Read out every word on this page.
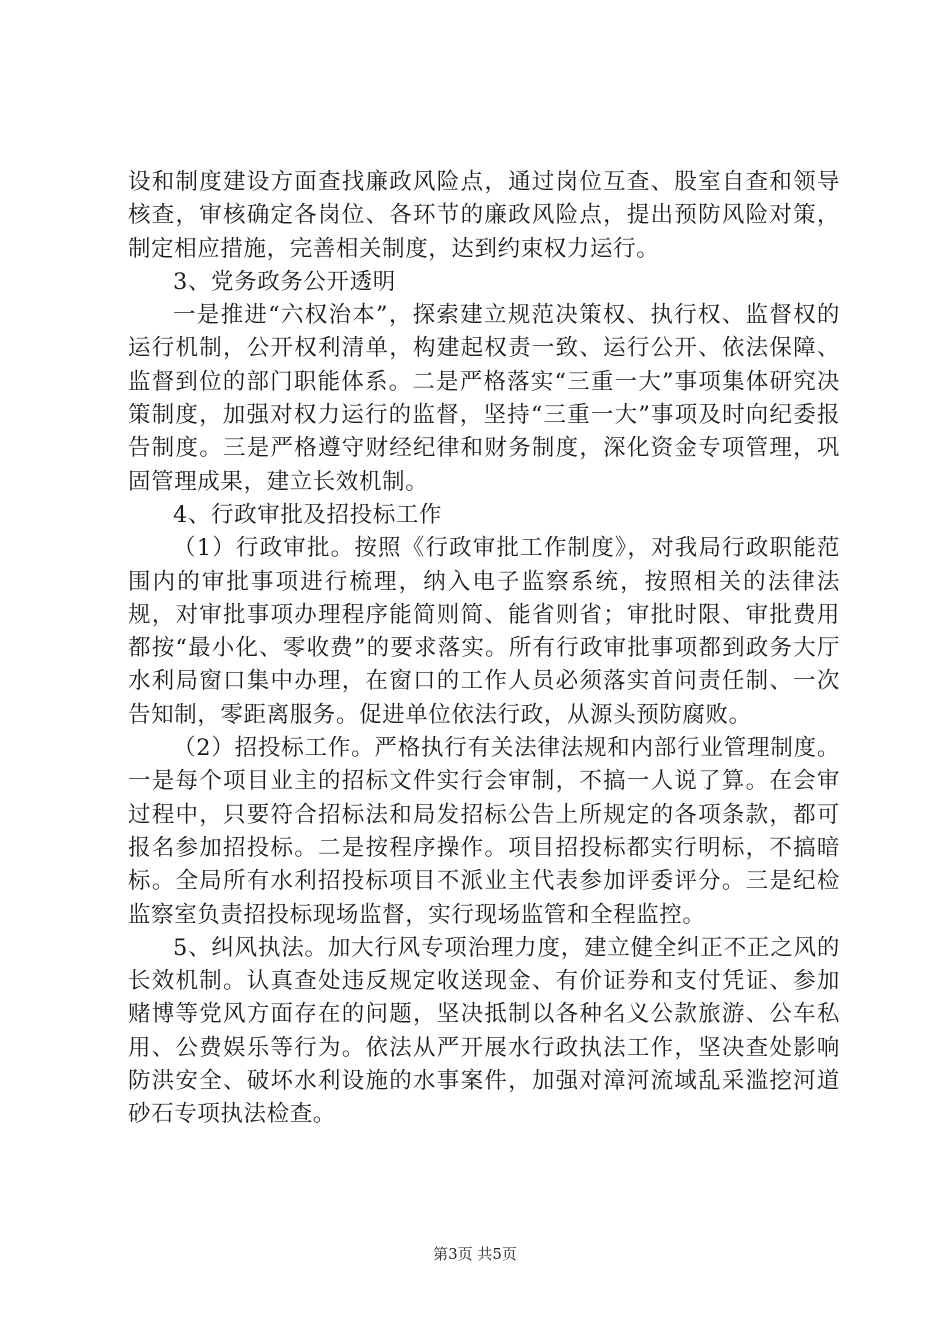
设和制度建设方面查找廉政风险点，通过岗位互查、股室自查和领导核查，审核确定各岗位、各环节的廉政风险点，提出预防风险对策，制定相应措施，完善相关制度，达到约束权力运行。

3、党务政务公开透明

一是推进“六权治本”，探索建立规范决策权、执行权、监督权的运行机制，公开权利清单，构建起权责一致、运行公开、依法保障、监督到位的部门职能体系。二是严格落实“三重一大”事项集体研究决策制度，加强对权力运行的监督，坚持“三重一大”事项及时向纪委报告制度。三是严格遵守财经纪律和财务制度，深化资金专项管理，巩固管理成果，建立长效机制。

4、行政审批及招投标工作

（1）行政审批。按照《行政审批工作制度》，对我局行政职能范围内的审批事项进行梳理，纳入电子监察系统，按照相关的法律法规，对审批事项办理程序能简则简、能省则省；审批时限、审批费用都按“最小化、零收费”的要求落实。所有行政审批事项都到政务大厅水利局窗口集中办理，在窗口的工作人员必须落实首问责任制、一次告知制，零距离服务。促进单位依法行政，从源头预防腐败。

（2）招投标工作。严格执行有关法律法规和内部行业管理制度。一是每个项目业主的招标文件实行会审制，不搞一人说了算。在会审过程中，只要符合招标法和局发招标公告上所规定的各项条款，都可报名参加招投标。二是按程序操作。项目招投标都实行明标，不搞暗标。全局所有水利招投标项目不派业主代表参加评委评分。三是纪检监察室负责招投标现场监督，实行现场监管和全程监控。

5、纠风执法。加大行风专项治理力度，建立健全纠正不正之风的长效机制。认真查处违反规定收送现金、有价证券和支付凭证、参加赌博等党风方面存在的问题，坚决抵制以各种名义公款旅游、公车私用、公费娱乐等行为。依法从严开展水行政执法工作，坚决查处影响防洪安全、破坏水利设施的水事案件，加强对漳河流域乱采滥挖河道砂石专项执法检查。

第3页 共5页
